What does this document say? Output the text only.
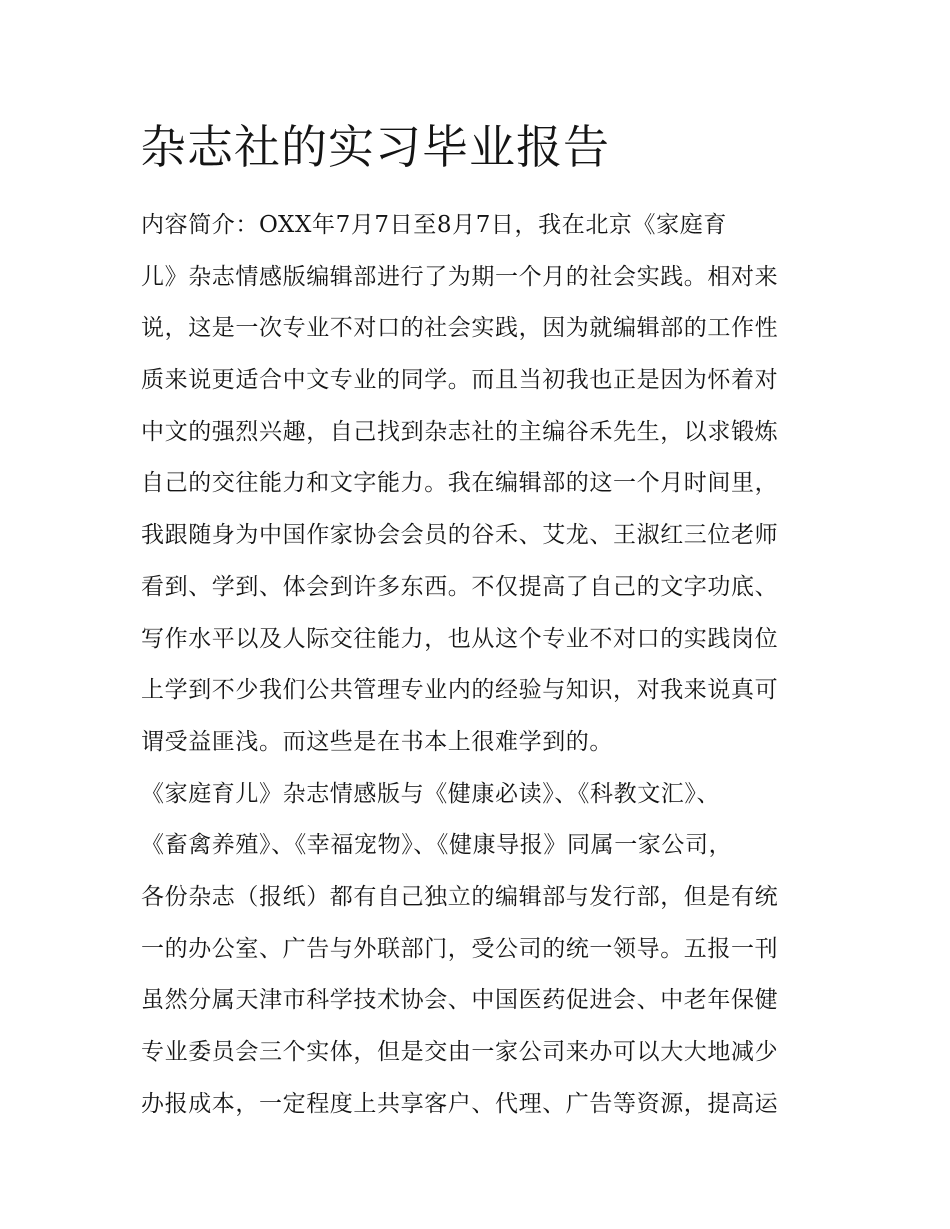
杂志社的实习毕业报告
内容简介：OXX年7月7日至8月7日，我在北京《家庭育
儿》杂志情感版编辑部进行了为期一个月的社会实践。相对来
说，这是一次专业不对口的社会实践，因为就编辑部的工作性
质来说更适合中文专业的同学。而且当初我也正是因为怀着对
中文的强烈兴趣，自己找到杂志社的主编谷禾先生，以求锻炼
自己的交往能力和文字能力。我在编辑部的这一个月时间里，
我跟随身为中国作家协会会员的谷禾、艾龙、王淑红三位老师
看到、学到、体会到许多东西。不仅提高了自己的文字功底、
写作水平以及人际交往能力，也从这个专业不对口的实践岗位
上学到不少我们公共管理专业内的经验与知识，对我来说真可
谓受益匪浅。而这些是在书本上很难学到的。
《家庭育儿》杂志情感版与《健康必读》、《科教文汇》、
《畜禽养殖》、《幸福宠物》、《健康导报》同属一家公司，
各份杂志（报纸）都有自己独立的编辑部与发行部，但是有统
一的办公室、广告与外联部门，受公司的统一领导。五报一刊
虽然分属天津市科学技术协会、中国医药促进会、中老年保健
专业委员会三个实体，但是交由一家公司来办可以大大地减少
办报成本，一定程度上共享客户、代理、广告等资源，提高运
